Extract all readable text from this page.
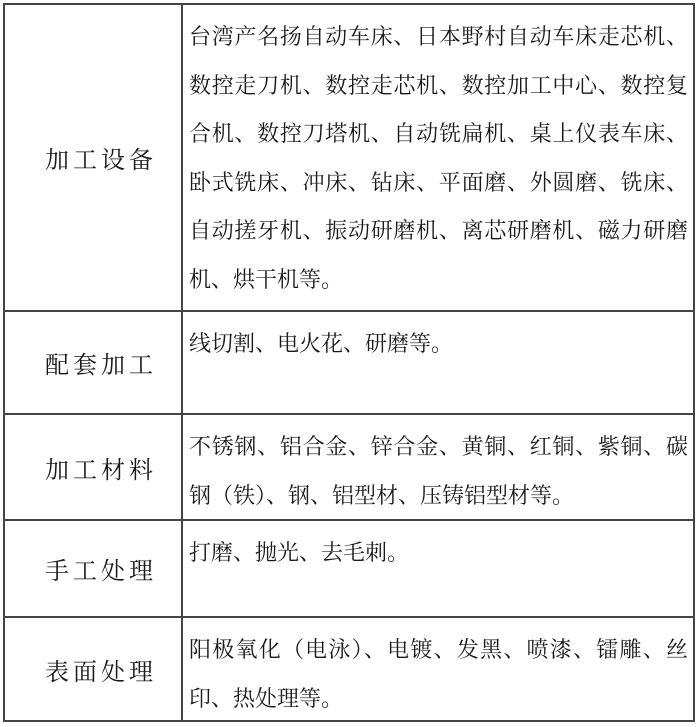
加工设备
台湾产名扬自动车床、日本野村自动车床走芯机、
数控走刀机、数控走芯机、数控加工中心、数控复
合机、数控刀塔机、自动铣扁机、桌上仪表车床、
卧式铣床、冲床、钻床、平面磨、外圆磨、铣床、
自动搓牙机、振动研磨机、离芯研磨机、磁力研磨
机、烘干机等。
配套加工
线切割、电火花、研磨等。
加工材料
不锈钢、铝合金、锌合金、黄铜、红铜、紫铜、碳
钢（铁）、钢、铝型材、压铸铝型材等。
手工处理
打磨、抛光、去毛刺。
表面处理
阳极氧化（电泳）、电镀、发黑、喷漆、镭雕、丝
印、热处理等。
